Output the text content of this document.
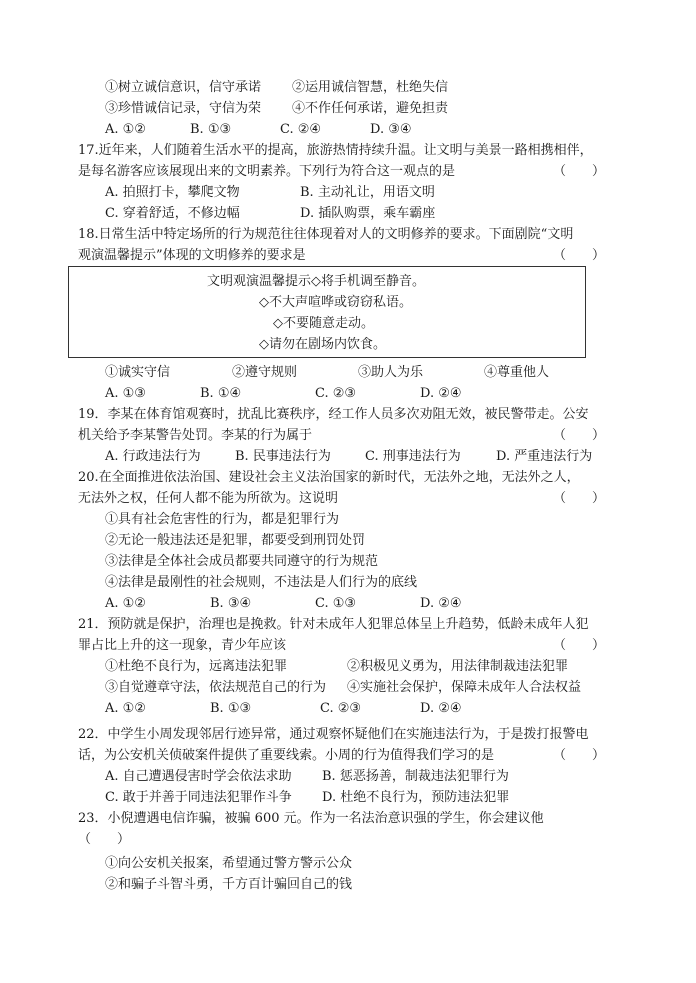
①树立诚信意识，信守承诺 ②运用诚信智慧，杜绝失信
③珍惜诚信记录，守信为荣 ④不作任何承诺，避免担责
A. ①②	B. ①③	C. ②④	D. ③④
17.近年来，人们随着生活水平的提高，旅游热情持续升温。让文明与美景一路相携相伴，
是每名游客应该展现出来的文明素养。下列行为符合这一观点的是	（　　）
A. 拍照打卡，攀爬文物	B. 主动礼让，用语文明
C. 穿着舒适，不修边幅	D. 插队购票，乘车霸座
18.日常生活中特定场所的行为规范往往体现着对人的文明修养的要求。下面剧院“文明
观演温馨提示”体现的文明修养的要求是	（　　）
文明观演温馨提示◇将手机调至静音。
◇不大声喧哗或窃窃私语。
◇不要随意走动。
◇请勿在剧场内饮食。
①诚实守信	②遵守规则	③助人为乐	④尊重他人
A. ①③	B. ①④	C. ②③	D. ②④
19．李某在体育馆观赛时，扰乱比赛秩序，经工作人员多次劝阻无效，被民警带走。公安
机关给予李某警告处罚。李某的行为属于	（　　）
A. 行政违法行为	B. 民事违法行为	C. 刑事违法行为	D. 严重违法行为
20.在全面推进依法治国、建设社会主义法治国家的新时代，无法外之地，无法外之人，
无法外之权，任何人都不能为所欲为。这说明	（　　）
①具有社会危害性的行为，都是犯罪行为
②无论一般违法还是犯罪，都要受到刑罚处罚
③法律是全体社会成员都要共同遵守的行为规范
④法律是最刚性的社会规则，不违法是人们行为的底线
A. ①②	B. ③④	C. ①③	D. ②④
21．预防就是保护，治理也是挽救。针对未成年人犯罪总体呈上升趋势，低龄未成年人犯
罪占比上升的这一现象，青少年应该	（　　）
①杜绝不良行为，远离违法犯罪	②积极见义勇为，用法律制裁违法犯罪
③自觉遵章守法，依法规范自己的行为 ④实施社会保护，保障未成年人合法权益
A. ①②	B. ①③	C. ②③	D. ②④
22．中学生小周发现邻居行迹异常，通过观察怀疑他们在实施违法行为，于是拨打报警电
话，为公安机关侦破案件提供了重要线索。小周的行为值得我们学习的是	（　　）
A. 自己遭遇侵害时学会依法求助 B. 惩恶扬善，制裁违法犯罪行为
C. 敢于并善于同违法犯罪作斗争 D. 杜绝不良行为，预防违法犯罪
23．小倪遭遇电信诈骗，被骗 600 元。作为一名法治意识强的学生，你会建议他
（　　）
①向公安机关报案，希望通过警方警示公众
②和骗子斗智斗勇，千方百计骗回自己的钱
